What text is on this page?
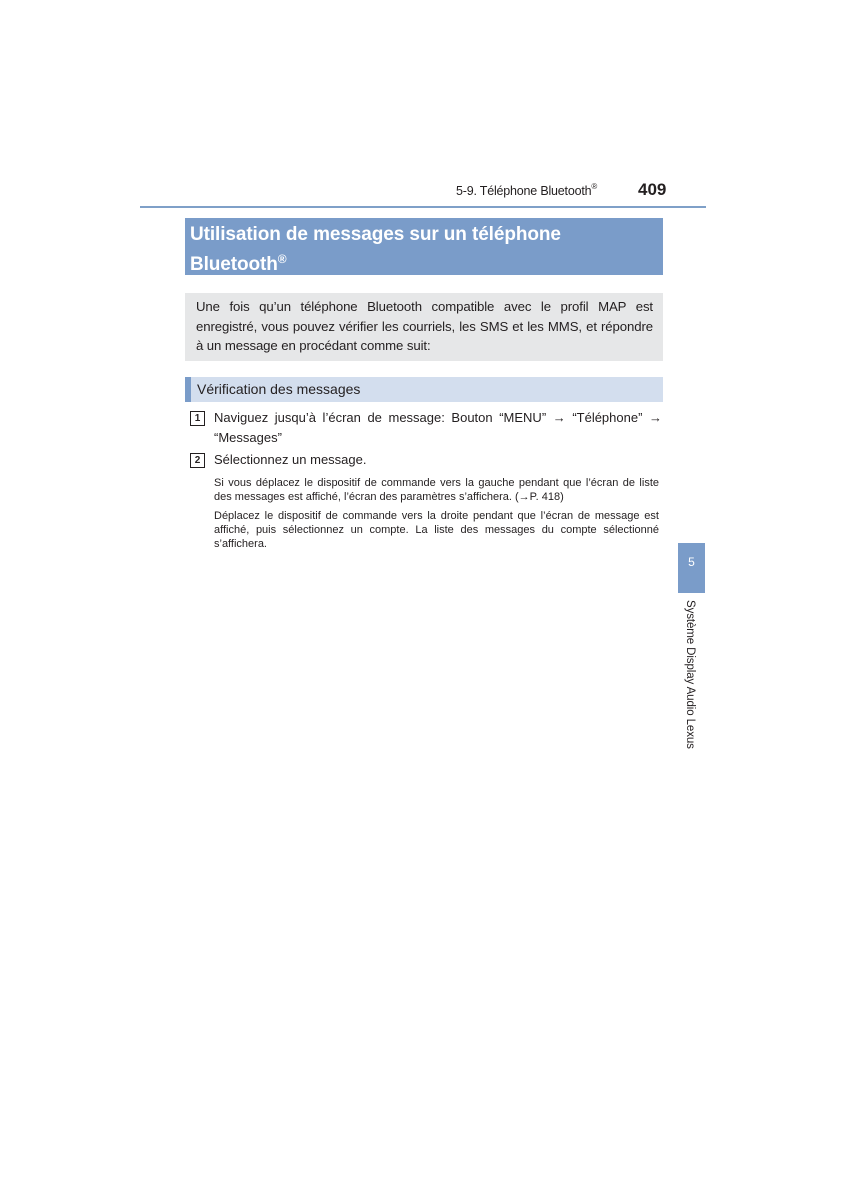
5-9. Téléphone Bluetooth® 409
Utilisation de messages sur un téléphone
Bluetooth®
Une fois qu’un téléphone Bluetooth compatible avec le profil MAP est enregistré, vous pouvez vérifier les courriels, les SMS et les MMS, et répondre à un message en procédant comme suit:
Vérification des messages
1	Naviguez jusqu’à l’écran de message: Bouton “MENU” → “Téléphone” → “Messages”
2	Sélectionnez un message.
Si vous déplacez le dispositif de commande vers la gauche pendant que l’écran de liste des messages est affiché, l’écran des paramètres s’affichera. (→P. 418)
Déplacez le dispositif de commande vers la droite pendant que l’écran de message est affiché, puis sélectionnez un compte. La liste des messages du compte sélectionné s’affichera.
5
Système Display Audio Lexus
